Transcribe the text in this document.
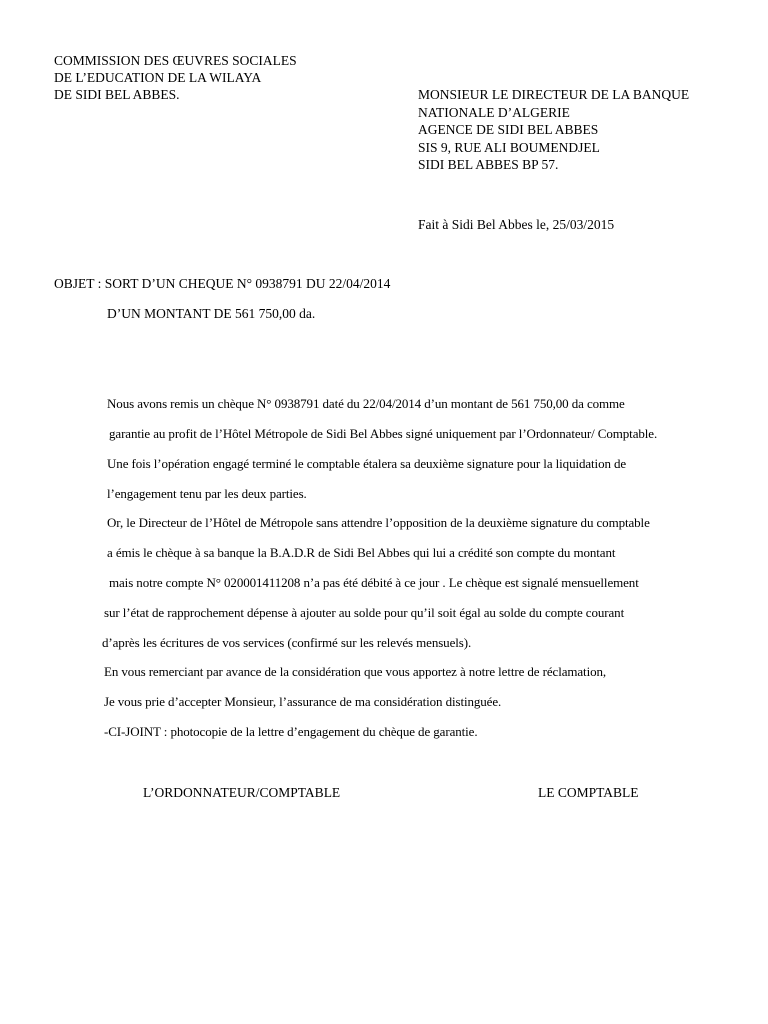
COMMISSION DES ŒUVRES SOCIALES
DE L’EDUCATION DE LA WILAYA
DE SIDI BEL ABBES.	MONSIEUR LE DIRECTEUR DE LA BANQUE
NATIONALE D’ALGERIE
AGENCE DE SIDI BEL ABBES
SIS 9, RUE ALI BOUMENDJEL
SIDI BEL ABBES BP 57.
Fait à Sidi Bel Abbes le, 25/03/2015
OBJET : SORT D’UN CHEQUE N° 0938791 DU 22/04/2014
D’UN MONTANT DE 561 750,00 da.
Nous avons remis un chèque N° 0938791 daté du 22/04/2014 d’un montant de 561 750,00 da comme
garantie au profit de l’Hôtel Métropole de Sidi Bel Abbes signé uniquement par l’Ordonnateur/ Comptable.
Une fois l’opération engagé terminé le comptable étalera sa deuxième signature pour la liquidation de
l’engagement tenu par les deux parties.
Or, le Directeur de l’Hôtel de Métropole sans attendre l’opposition de la deuxième signature du comptable
a émis le chèque à sa banque la B.A.D.R de Sidi Bel Abbes qui lui a crédité son compte du montant
mais notre compte N° 020001411208 n’a pas été débité à ce jour . Le chèque est signalé mensuellement
sur l’état de rapprochement dépense à ajouter au solde pour qu’il soit égal au solde du compte courant
d’après les écritures de vos services (confirmé sur les relevés mensuels).
En vous remerciant par avance de la considération que vous apportez à notre lettre de réclamation,
Je vous prie d’accepter Monsieur, l’assurance de ma considération distinguée.
-CI-JOINT : photocopie de la lettre d’engagement du chèque de garantie.
L’ORDONNATEUR/COMPTABLE	LE COMPTABLE
